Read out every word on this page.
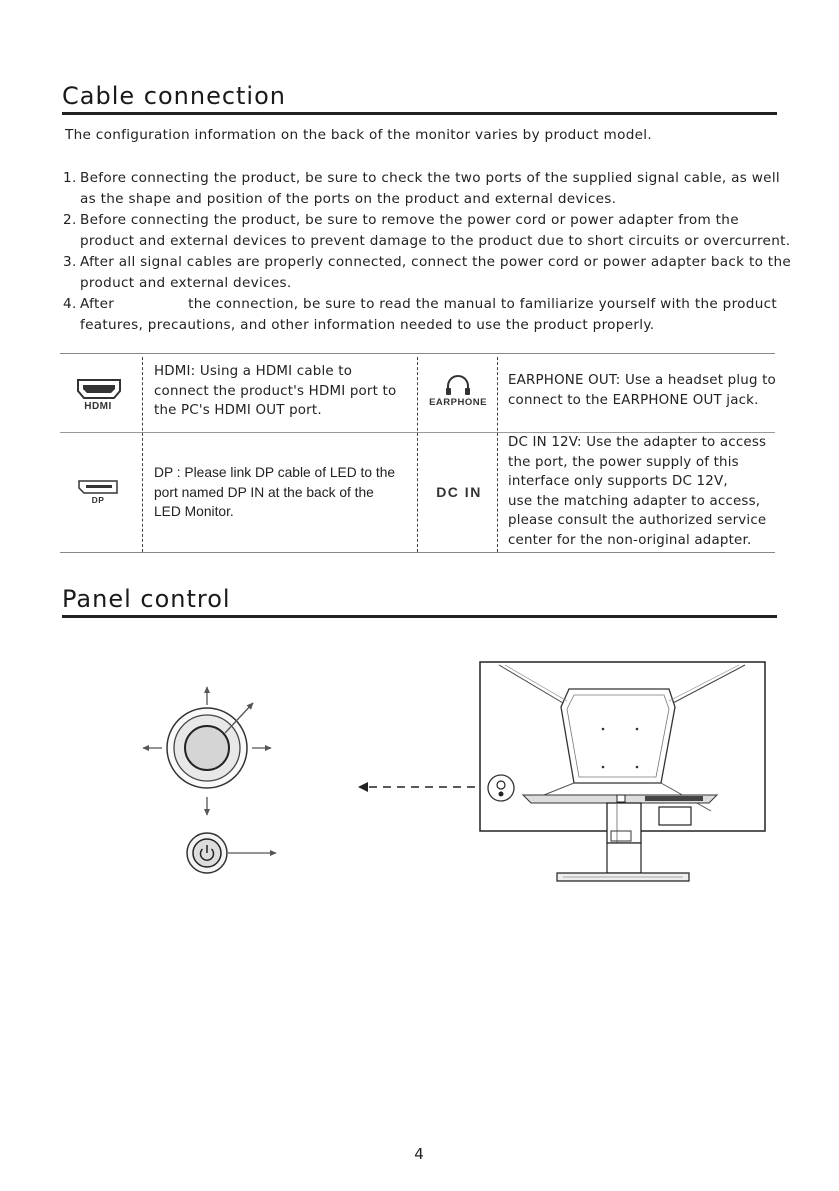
Cable connection
The configuration information on the back of the monitor varies by product model.
1. Before connecting the product, be sure to check the two ports of the supplied signal cable, as well
as the shape and position of the ports on the product and external devices.
2. Before connecting the product, be sure to remove the power cord or power adapter from the
product and external devices to prevent damage to the product due to short circuits or overcurrent.
3. After all signal cables are properly connected, connect the power cord or power adapter back to the
product and external devices.
4. After                the connection, be sure to read the manual to familiarize yourself with the product
features, precautions, and other information needed to use the product properly.
HDMI
HDMI: Using a HDMI cable to
connect the product's HDMI port to
the PC's HDMI OUT port.
EARPHONE
EARPHONE OUT: Use a headset plug to
connect to the EARPHONE OUT jack.
DP
DP : Please link DP cable of LED to the
port named DP IN at the back of the
LED Monitor.
DC IN
DC IN 12V: Use the adapter to access
the port, the power supply of this
interface only supports DC 12V,
use the matching adapter to access,
please consult the authorized service
center for the non-original adapter.
Panel control
4
